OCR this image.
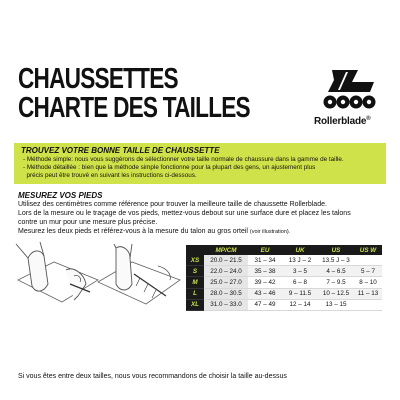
CHAUSSETTES
CHARTE DES TAILLES	Rollerblade®
TROUVEZ VOTRE BONNE TAILLE DE CHAUSSETTE
- Méthode simple: nous vous suggérons de sélectionner votre taille normale de chaussure dans la gamme de taille.
- Méthode détaillée : bien que la méthode simple fonctionne pour la plupart des gens, un ajustement plus
précis peut être trouvé en suivant les instructions ci-dessous.
MESUREZ VOS PIEDS
Utilisez des centimètres comme référence pour trouver la meilleure taille de chaussette Rollerblade.
Lors de la mesure ou le traçage de vos pieds, mettez-vous debout sur une surface dure et placez les talons
contre un mur pour une mesure plus précise.
Mesurez les deux pieds et référez-vous à la mesure du talon au gros orteil (voir illustration).
	MP/CM	EU	UK	US	US W
XS	20.0 – 21.5	31 – 34	13 J – 2	13.5 J – 3	
S	22.0 – 24.0	35 – 38	3 – 5	4 – 6.5	5 – 7
M	25.0 – 27.0	39 – 42	6 – 8	7 – 9.5	8 – 10
L	28.0 – 30.5	43 – 46	9 – 11.5	10 – 12.5	11 – 13
XL	31.0 – 33.0	47 – 49	12 – 14	13 – 15	
Si vous êtes entre deux tailles, nous vous recommandons de choisir la taille au-dessus
